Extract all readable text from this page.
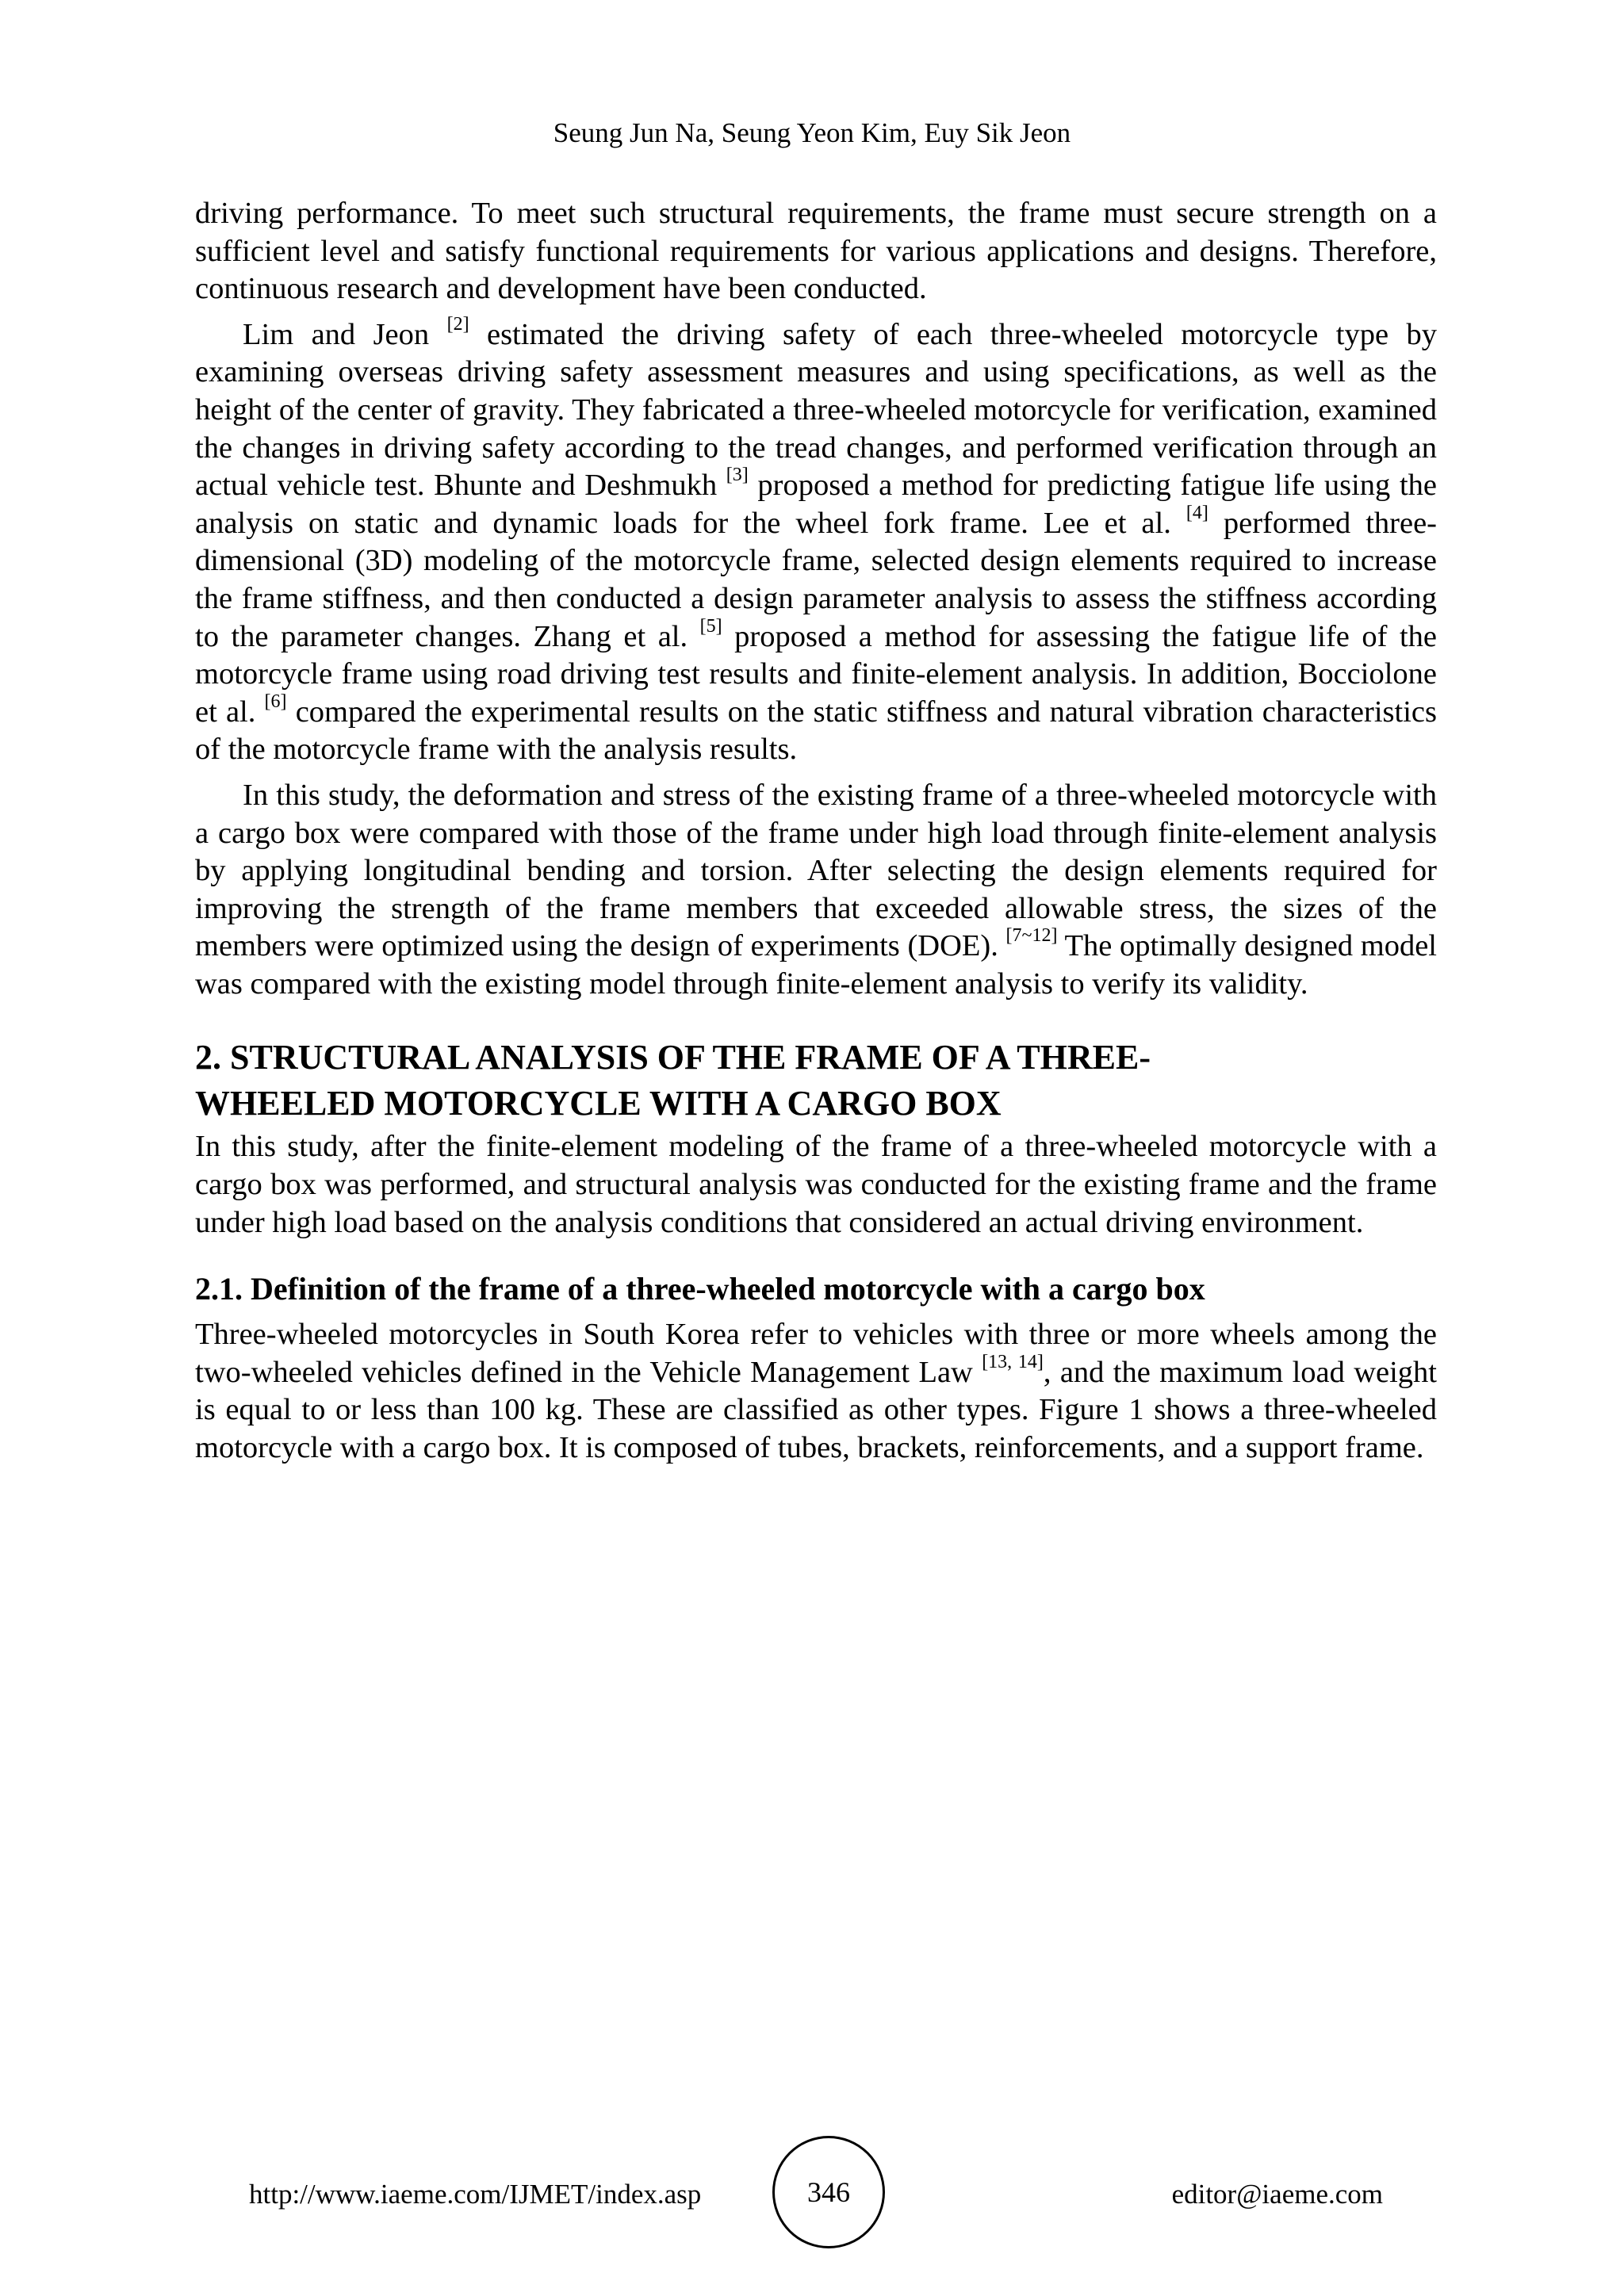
Seung Jun Na, Seung Yeon Kim, Euy Sik Jeon

driving performance. To meet such structural requirements, the frame must secure strength on a sufficient level and satisfy functional requirements for various applications and designs. Therefore, continuous research and development have been conducted.

Lim and Jeon [2] estimated the driving safety of each three-wheeled motorcycle type by examining overseas driving safety assessment measures and using specifications, as well as the height of the center of gravity. They fabricated a three-wheeled motorcycle for verification, examined the changes in driving safety according to the tread changes, and performed verification through an actual vehicle test. Bhunte and Deshmukh [3] proposed a method for predicting fatigue life using the analysis on static and dynamic loads for the wheel fork frame. Lee et al. [4] performed three-dimensional (3D) modeling of the motorcycle frame, selected design elements required to increase the frame stiffness, and then conducted a design parameter analysis to assess the stiffness according to the parameter changes. Zhang et al. [5] proposed a method for assessing the fatigue life of the motorcycle frame using road driving test results and finite-element analysis. In addition, Bocciolone et al. [6] compared the experimental results on the static stiffness and natural vibration characteristics of the motorcycle frame with the analysis results.

In this study, the deformation and stress of the existing frame of a three-wheeled motorcycle with a cargo box were compared with those of the frame under high load through finite-element analysis by applying longitudinal bending and torsion. After selecting the design elements required for improving the strength of the frame members that exceeded allowable stress, the sizes of the members were optimized using the design of experiments (DOE). [7~12] The optimally designed model was compared with the existing model through finite-element analysis to verify its validity.

2. STRUCTURAL ANALYSIS OF THE FRAME OF A THREE-
WHEELED MOTORCYCLE WITH A CARGO BOX

In this study, after the finite-element modeling of the frame of a three-wheeled motorcycle with a cargo box was performed, and structural analysis was conducted for the existing frame and the frame under high load based on the analysis conditions that considered an actual driving environment.

2.1. Definition of the frame of a three-wheeled motorcycle with a cargo box

Three-wheeled motorcycles in South Korea refer to vehicles with three or more wheels among the two-wheeled vehicles defined in the Vehicle Management Law [13, 14], and the maximum load weight is equal to or less than 100 kg. These are classified as other types. Figure 1 shows a three-wheeled motorcycle with a cargo box. It is composed of tubes, brackets, reinforcements, and a support frame.

http://www.iaeme.com/IJMET/index.asp	346	editor@iaeme.com
